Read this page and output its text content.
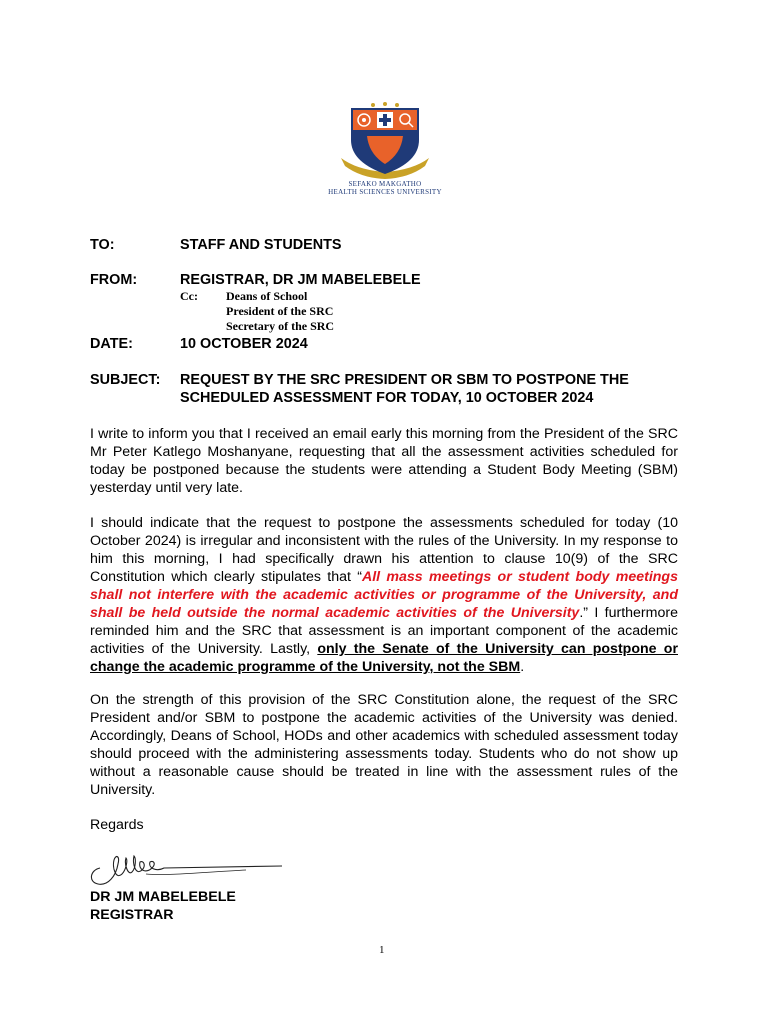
SEFAKO MAKGATHO
HEALTH SCIENCES UNIVERSITY
TO:	STAFF AND STUDENTS
FROM:	REGISTRAR, DR JM MABELEBELE
Cc: Deans of School
President of the SRC
Secretary of the SRC
DATE:	10 OCTOBER 2024
SUBJECT:	REQUEST BY THE SRC PRESIDENT OR SBM TO POSTPONE THE
SCHEDULED ASSESSMENT FOR TODAY, 10 OCTOBER 2024
I write to inform you that I received an email early this morning from the President of the SRC Mr Peter Katlego Moshanyane, requesting that all the assessment activities scheduled for today be postponed because the students were attending a Student Body Meeting (SBM) yesterday until very late.
I should indicate that the request to postpone the assessments scheduled for today (10 October 2024) is irregular and inconsistent with the rules of the University. In my response to him this morning, I had specifically drawn his attention to clause 10(9) of the SRC Constitution which clearly stipulates that “All mass meetings or student body meetings shall not interfere with the academic activities or programme of the University, and shall be held outside the normal academic activities of the University.” I furthermore reminded him and the SRC that assessment is an important component of the academic activities of the University. Lastly, only the Senate of the University can postpone or change the academic programme of the University, not the SBM.
On the strength of this provision of the SRC Constitution alone, the request of the SRC President and/or SBM to postpone the academic activities of the University was denied. Accordingly, Deans of School, HODs and other academics with scheduled assessment today should proceed with the administering assessments today. Students who do not show up without a reasonable cause should be treated in line with the assessment rules of the University.
Regards
DR JM MABELEBELE
REGISTRAR
1
